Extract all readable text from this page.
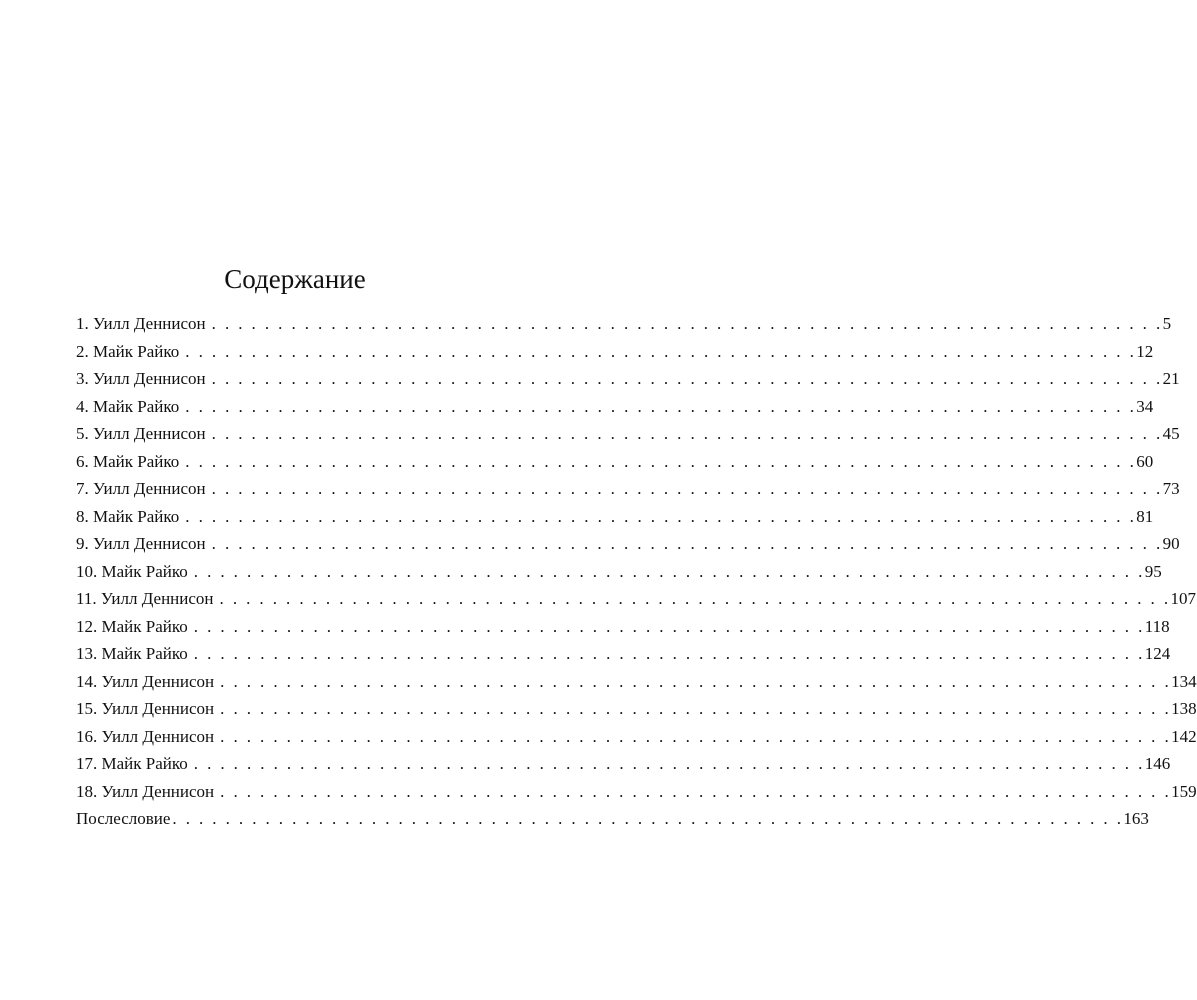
Содержание
1. Уилл Деннисон . . . . . . . . . . . . . . . . . . . . . . . . . . . . . . . . . . . . . . . . . . . . . . . . . . . . . . . . . . . . . . . . . . . . . . . . 5
2. Майк Райко . . . . . . . . . . . . . . . . . . . . . . . . . . . . . . . . . . . . . . . . . . . . . . . . . . . . . . . . . . . . . . . . . . . . . . . . 12
3. Уилл Деннисон . . . . . . . . . . . . . . . . . . . . . . . . . . . . . . . . . . . . . . . . . . . . . . . . . . . . . . . . . . . . . . . . . . . . . . . . 21
4. Майк Райко . . . . . . . . . . . . . . . . . . . . . . . . . . . . . . . . . . . . . . . . . . . . . . . . . . . . . . . . . . . . . . . . . . . . . . . . 34
5. Уилл Деннисон . . . . . . . . . . . . . . . . . . . . . . . . . . . . . . . . . . . . . . . . . . . . . . . . . . . . . . . . . . . . . . . . . . . . . . . . 45
6. Майк Райко . . . . . . . . . . . . . . . . . . . . . . . . . . . . . . . . . . . . . . . . . . . . . . . . . . . . . . . . . . . . . . . . . . . . . . . . 60
7. Уилл Деннисон . . . . . . . . . . . . . . . . . . . . . . . . . . . . . . . . . . . . . . . . . . . . . . . . . . . . . . . . . . . . . . . . . . . . . . . . 73
8. Майк Райко . . . . . . . . . . . . . . . . . . . . . . . . . . . . . . . . . . . . . . . . . . . . . . . . . . . . . . . . . . . . . . . . . . . . . . . . 81
9. Уилл Деннисон . . . . . . . . . . . . . . . . . . . . . . . . . . . . . . . . . . . . . . . . . . . . . . . . . . . . . . . . . . . . . . . . . . . . . . . . 90
10. Майк Райко . . . . . . . . . . . . . . . . . . . . . . . . . . . . . . . . . . . . . . . . . . . . . . . . . . . . . . . . . . . . . . . . . . . . . . . . 95
11. Уилл Деннисон . . . . . . . . . . . . . . . . . . . . . . . . . . . . . . . . . . . . . . . . . . . . . . . . . . . . . . . . . . . . . . . . . . . . . . . . 107
12. Майк Райко . . . . . . . . . . . . . . . . . . . . . . . . . . . . . . . . . . . . . . . . . . . . . . . . . . . . . . . . . . . . . . . . . . . . . . . . 118
13. Майк Райко . . . . . . . . . . . . . . . . . . . . . . . . . . . . . . . . . . . . . . . . . . . . . . . . . . . . . . . . . . . . . . . . . . . . . . . . 124
14. Уилл Деннисон . . . . . . . . . . . . . . . . . . . . . . . . . . . . . . . . . . . . . . . . . . . . . . . . . . . . . . . . . . . . . . . . . . . . . . . . 134
15. Уилл Деннисон . . . . . . . . . . . . . . . . . . . . . . . . . . . . . . . . . . . . . . . . . . . . . . . . . . . . . . . . . . . . . . . . . . . . . . . . 138
16. Уилл Деннисон . . . . . . . . . . . . . . . . . . . . . . . . . . . . . . . . . . . . . . . . . . . . . . . . . . . . . . . . . . . . . . . . . . . . . . . . 142
17. Майк Райко . . . . . . . . . . . . . . . . . . . . . . . . . . . . . . . . . . . . . . . . . . . . . . . . . . . . . . . . . . . . . . . . . . . . . . . . 146
18. Уилл Деннисон . . . . . . . . . . . . . . . . . . . . . . . . . . . . . . . . . . . . . . . . . . . . . . . . . . . . . . . . . . . . . . . . . . . . . . . . 159
Послесловие . . . . . . . . . . . . . . . . . . . . . . . . . . . . . . . . . . . . . . . . . . . . . . . . . . . . . . . . . . . . . . . . . . . . . . . . 163
